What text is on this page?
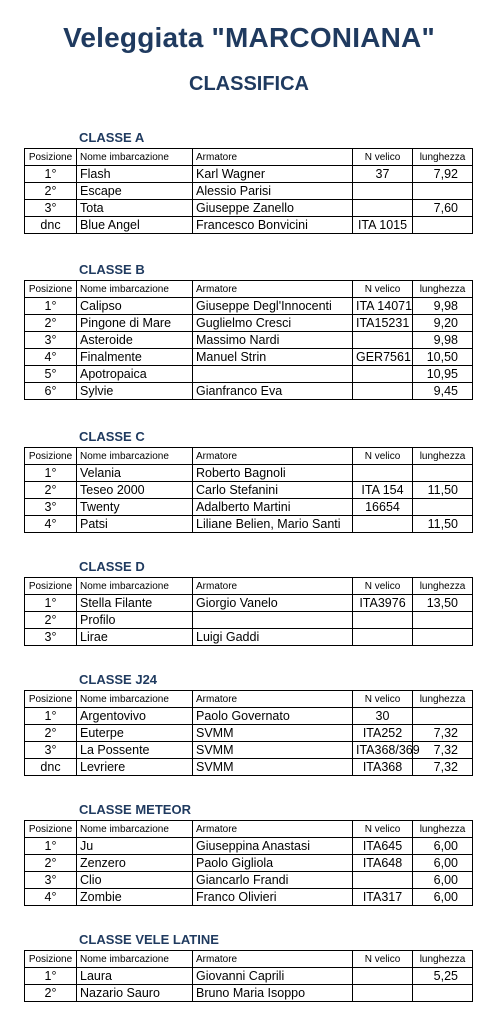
Veleggiata "MARCONIANA"
CLASSIFICA
CLASSE A
Posizione	Nome imbarcazione	Armatore	N velico	lunghezza
1°	Flash	Karl Wagner	37	7,92
2°	Escape	Alessio Parisi		
3°	Tota	Giuseppe Zanello		7,60
dnc	Blue Angel	Francesco Bonvicini	ITA 1015	
CLASSE B
Posizione	Nome imbarcazione	Armatore	N velico	lunghezza
1°	Calipso	Giuseppe Degl'Innocenti	ITA 14071	9,98
2°	Pingone di Mare	Guglielmo Cresci	ITA15231	9,20
3°	Asteroide	Massimo Nardi		9,98
4°	Finalmente	Manuel Strin	GER7561	10,50
5°	Apotropaica			10,95
6°	Sylvie	Gianfranco Eva		9,45
CLASSE C
Posizione	Nome imbarcazione	Armatore	N velico	lunghezza
1°	Velania	Roberto Bagnoli		
2°	Teseo 2000	Carlo Stefanini	ITA 154	11,50
3°	Twenty	Adalberto Martini	16654	
4°	Patsi	Liliane Belien, Mario Santi		11,50
CLASSE D
Posizione	Nome imbarcazione	Armatore	N velico	lunghezza
1°	Stella Filante	Giorgio Vanelo	ITA3976	13,50
2°	Profilo			
3°	Lirae	Luigi Gaddi		
CLASSE J24
Posizione	Nome imbarcazione	Armatore	N velico	lunghezza
1°	Argentovivo	Paolo Governato	30	
2°	Euterpe	SVMM	ITA252	7,32
3°	La Possente	SVMM	ITA368/369	7,32
dnc	Levriere	SVMM	ITA368	7,32
CLASSE METEOR
Posizione	Nome imbarcazione	Armatore	N velico	lunghezza
1°	Ju	Giuseppina Anastasi	ITA645	6,00
2°	Zenzero	Paolo Gigliola	ITA648	6,00
3°	Clio	Giancarlo Frandi		6,00
4°	Zombie	Franco Olivieri	ITA317	6,00
CLASSE VELE LATINE
Posizione	Nome imbarcazione	Armatore	N velico	lunghezza
1°	Laura	Giovanni Caprili		5,25
2°	Nazario Sauro	Bruno Maria Isoppo		
